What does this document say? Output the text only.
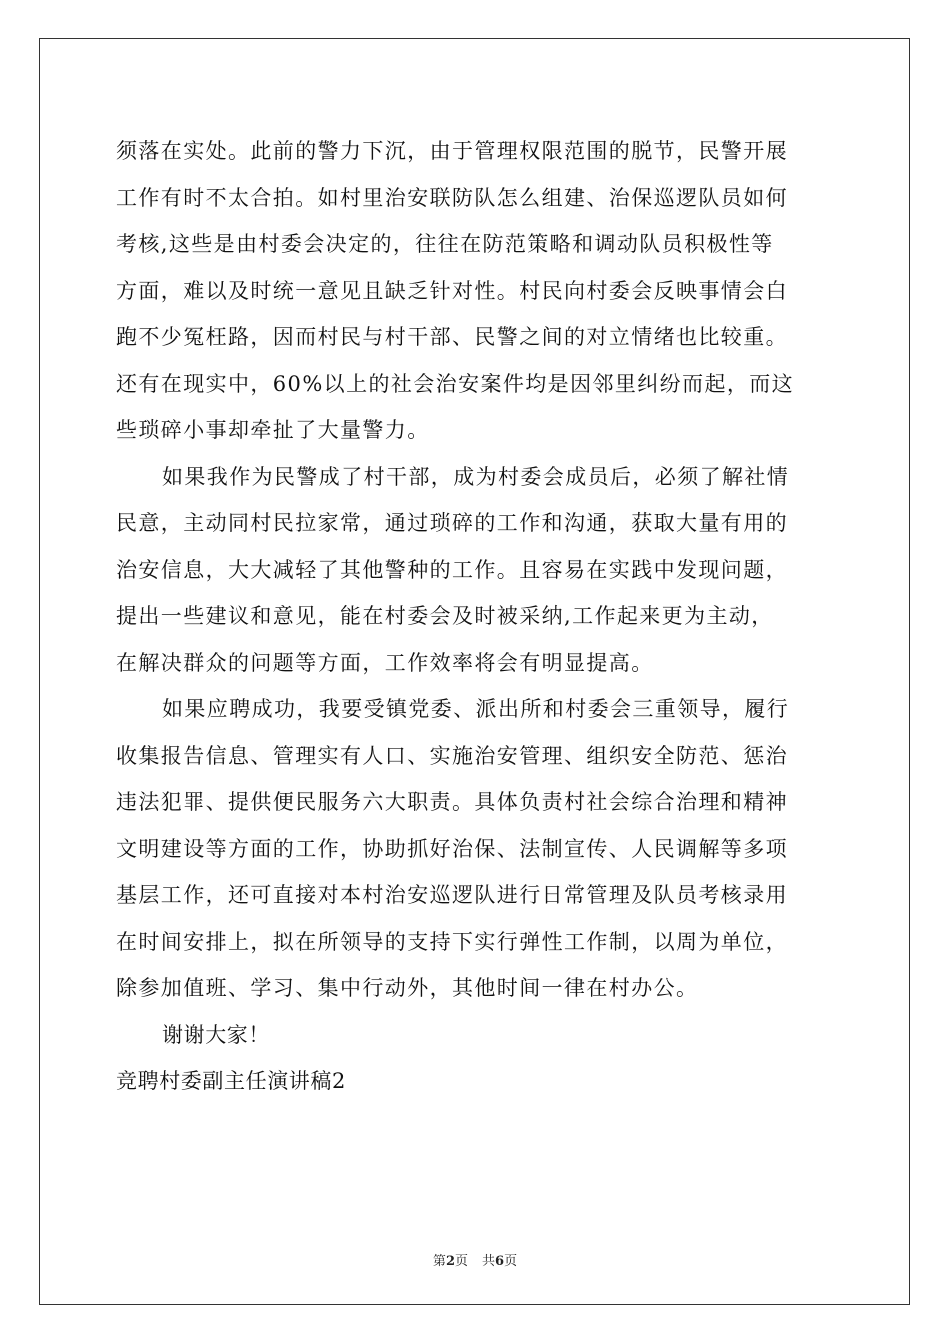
须落在实处。此前的警力下沉，由于管理权限范围的脱节，民警开展
工作有时不太合拍。如村里治安联防队怎么组建、治保巡逻队员如何
考核,这些是由村委会决定的，往往在防范策略和调动队员积极性等
方面，难以及时统一意见且缺乏针对性。村民向村委会反映事情会白
跑不少冤枉路，因而村民与村干部、民警之间的对立情绪也比较重。
还有在现实中，60%以上的社会治安案件均是因邻里纠纷而起，而这
些琐碎小事却牵扯了大量警力。
如果我作为民警成了村干部，成为村委会成员后，必须了解社情
民意，主动同村民拉家常，通过琐碎的工作和沟通，获取大量有用的
治安信息，大大减轻了其他警种的工作。且容易在实践中发现问题，
提出一些建议和意见，能在村委会及时被采纳,工作起来更为主动，
在解决群众的问题等方面，工作效率将会有明显提高。
如果应聘成功，我要受镇党委、派出所和村委会三重领导，履行
收集报告信息、管理实有人口、实施治安管理、组织安全防范、惩治
违法犯罪、提供便民服务六大职责。具体负责村社会综合治理和精神
文明建设等方面的工作，协助抓好治保、法制宣传、人民调解等多项
基层工作，还可直接对本村治安巡逻队进行日常管理及队员考核录用
在时间安排上，拟在所领导的支持下实行弹性工作制，以周为单位，
除参加值班、学习、集中行动外，其他时间一律在村办公。
谢谢大家！
竞聘村委副主任演讲稿2
第2页 共6页
